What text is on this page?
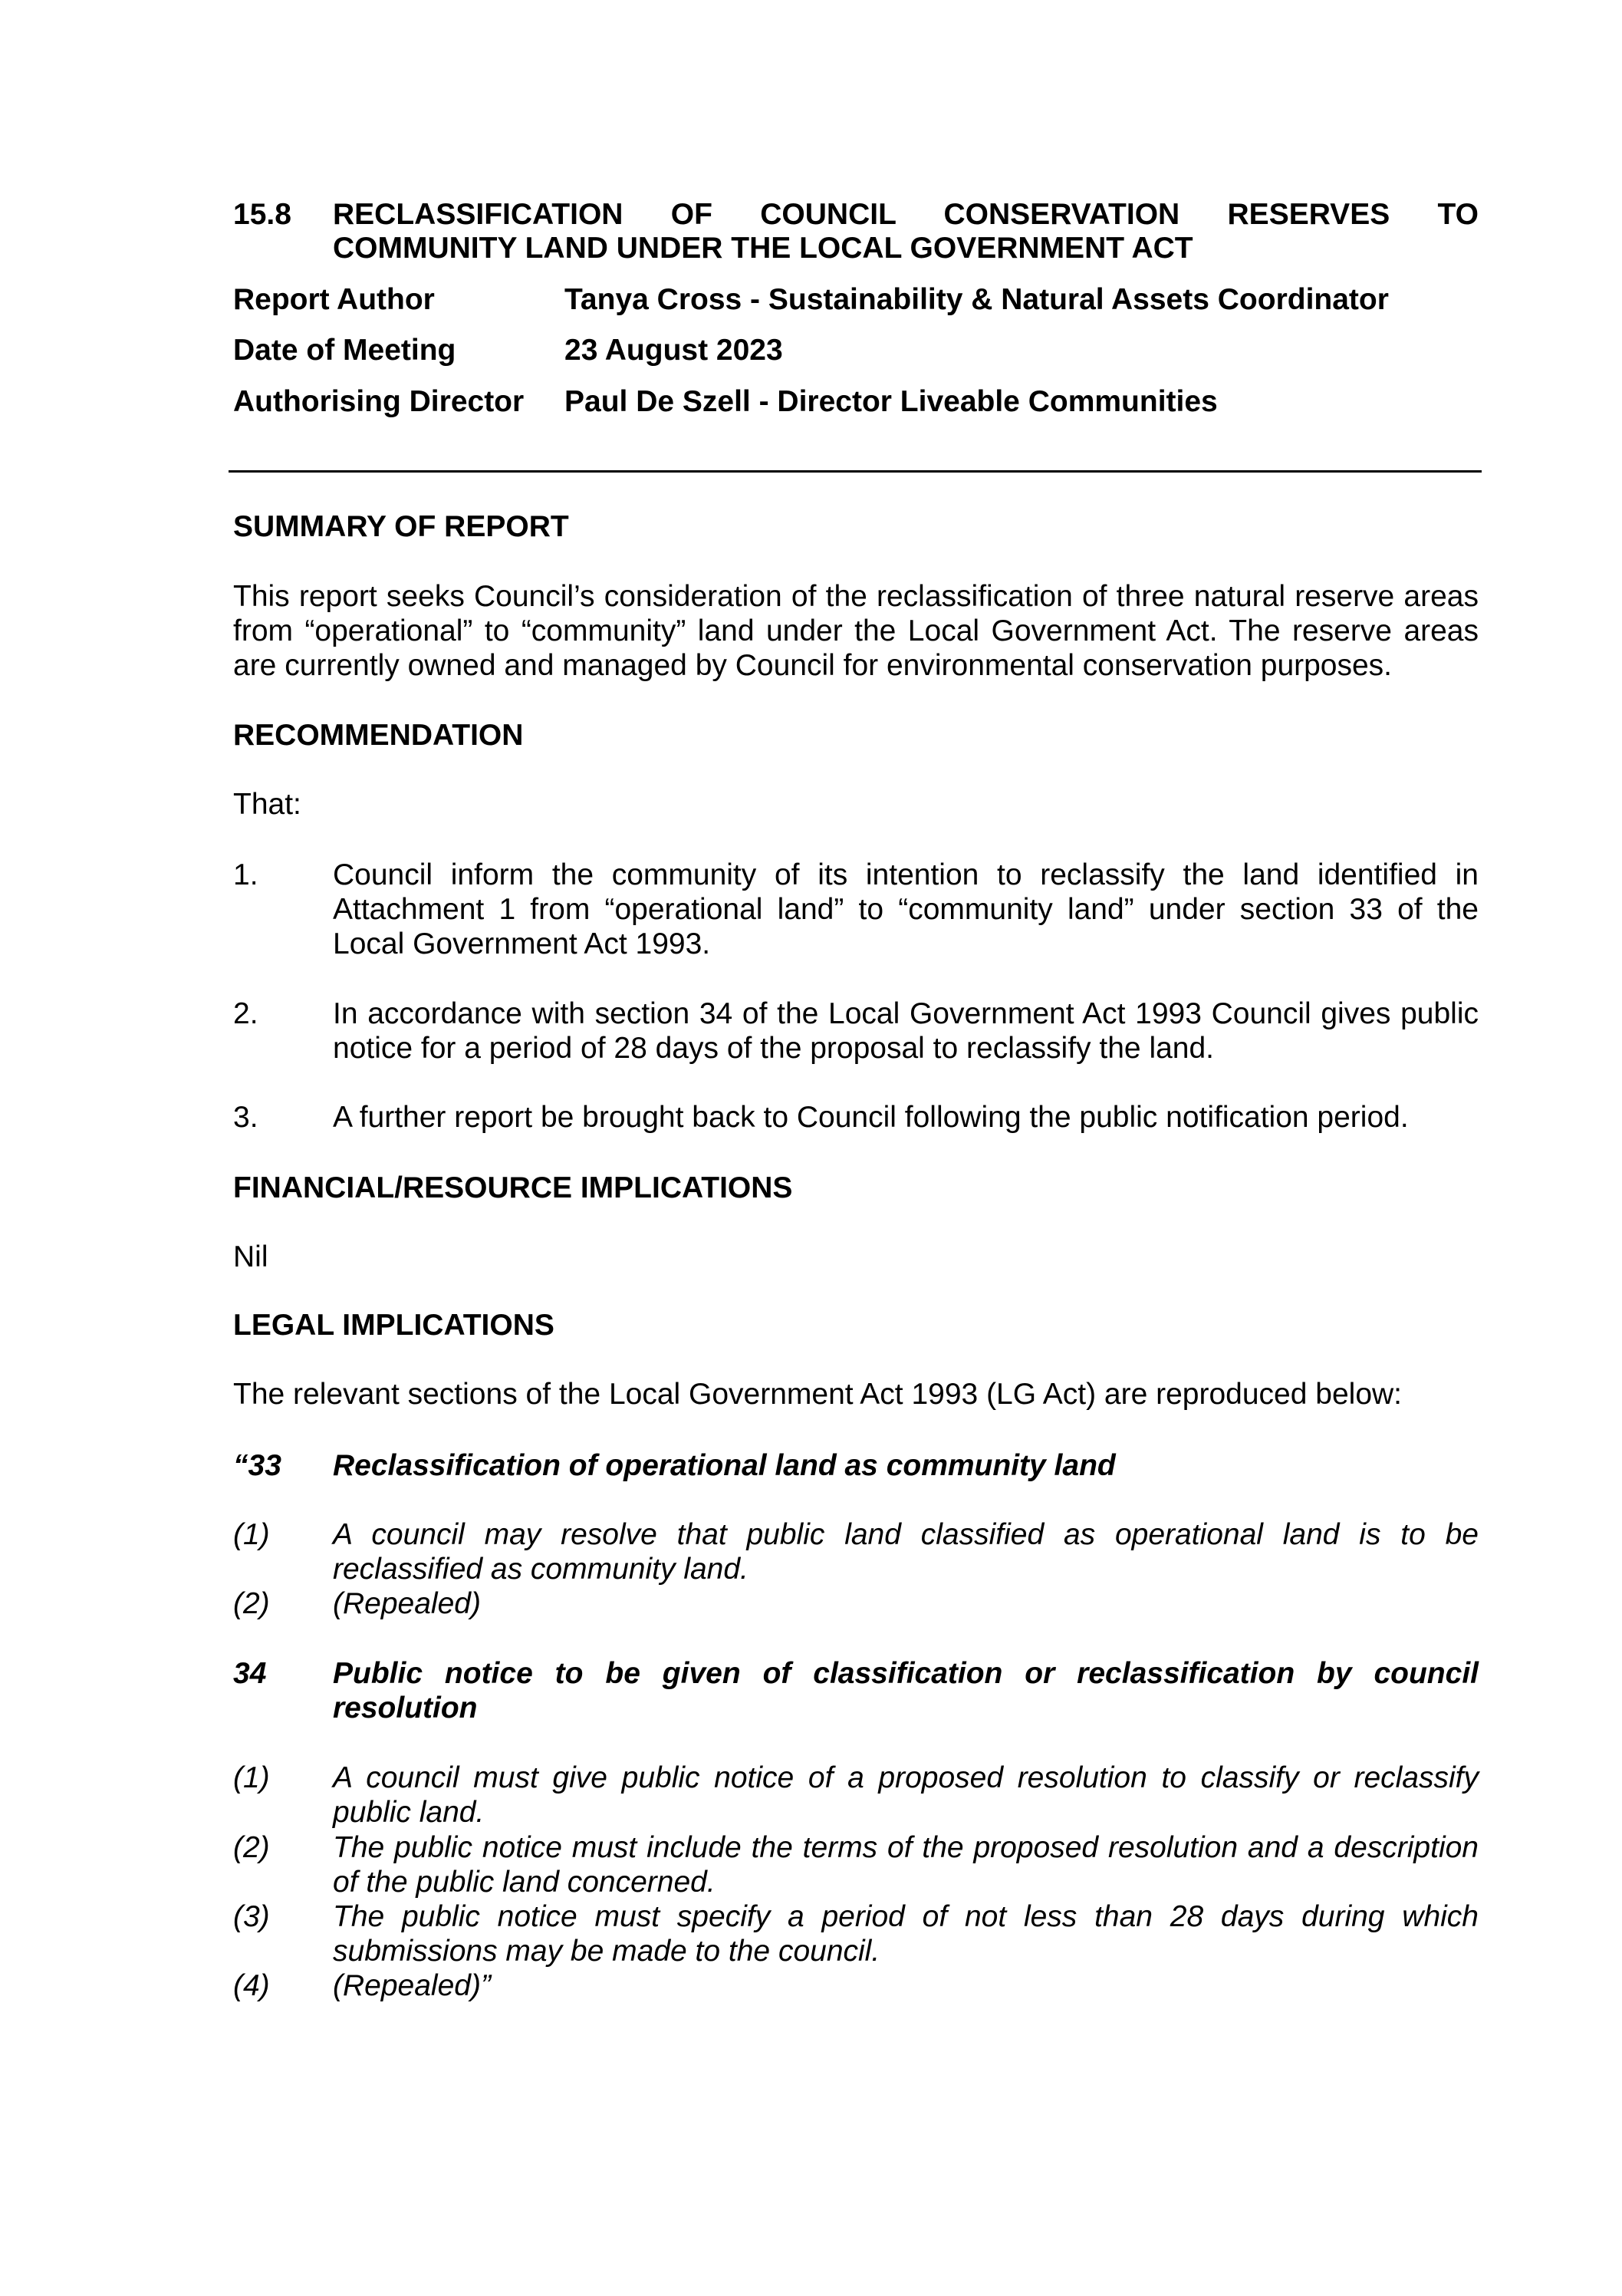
15.8 RECLASSIFICATION OF COUNCIL CONSERVATION RESERVES TO
COMMUNITY LAND UNDER THE LOCAL GOVERNMENT ACT
Report Author	Tanya Cross - Sustainability & Natural Assets Coordinator
Date of Meeting	23 August 2023
Authorising Director Paul De Szell - Director Liveable Communities
SUMMARY OF REPORT
This report seeks Council’s consideration of the reclassification of three natural reserve areas from “operational” to “community” land under the Local Government Act. The reserve areas are currently owned and managed by Council for environmental conservation purposes.
RECOMMENDATION
That:
1. Council inform the community of its intention to reclassify the land identified in Attachment 1 from “operational land” to “community land” under section 33 of the Local Government Act 1993.
2. In accordance with section 34 of the Local Government Act 1993 Council gives public notice for a period of 28 days of the proposal to reclassify the land.
3. A further report be brought back to Council following the public notification period.
FINANCIAL/RESOURCE IMPLICATIONS
Nil
LEGAL IMPLICATIONS
The relevant sections of the Local Government Act 1993 (LG Act) are reproduced below:
“33 Reclassification of operational land as community land
(1) A council may resolve that public land classified as operational land is to be reclassified as community land.
(2) (Repealed)
34 Public notice to be given of classification or reclassification by council resolution
(1) A council must give public notice of a proposed resolution to classify or reclassify public land.
(2) The public notice must include the terms of the proposed resolution and a description of the public land concerned.
(3) The public notice must specify a period of not less than 28 days during which submissions may be made to the council.
(4) (Repealed)”
